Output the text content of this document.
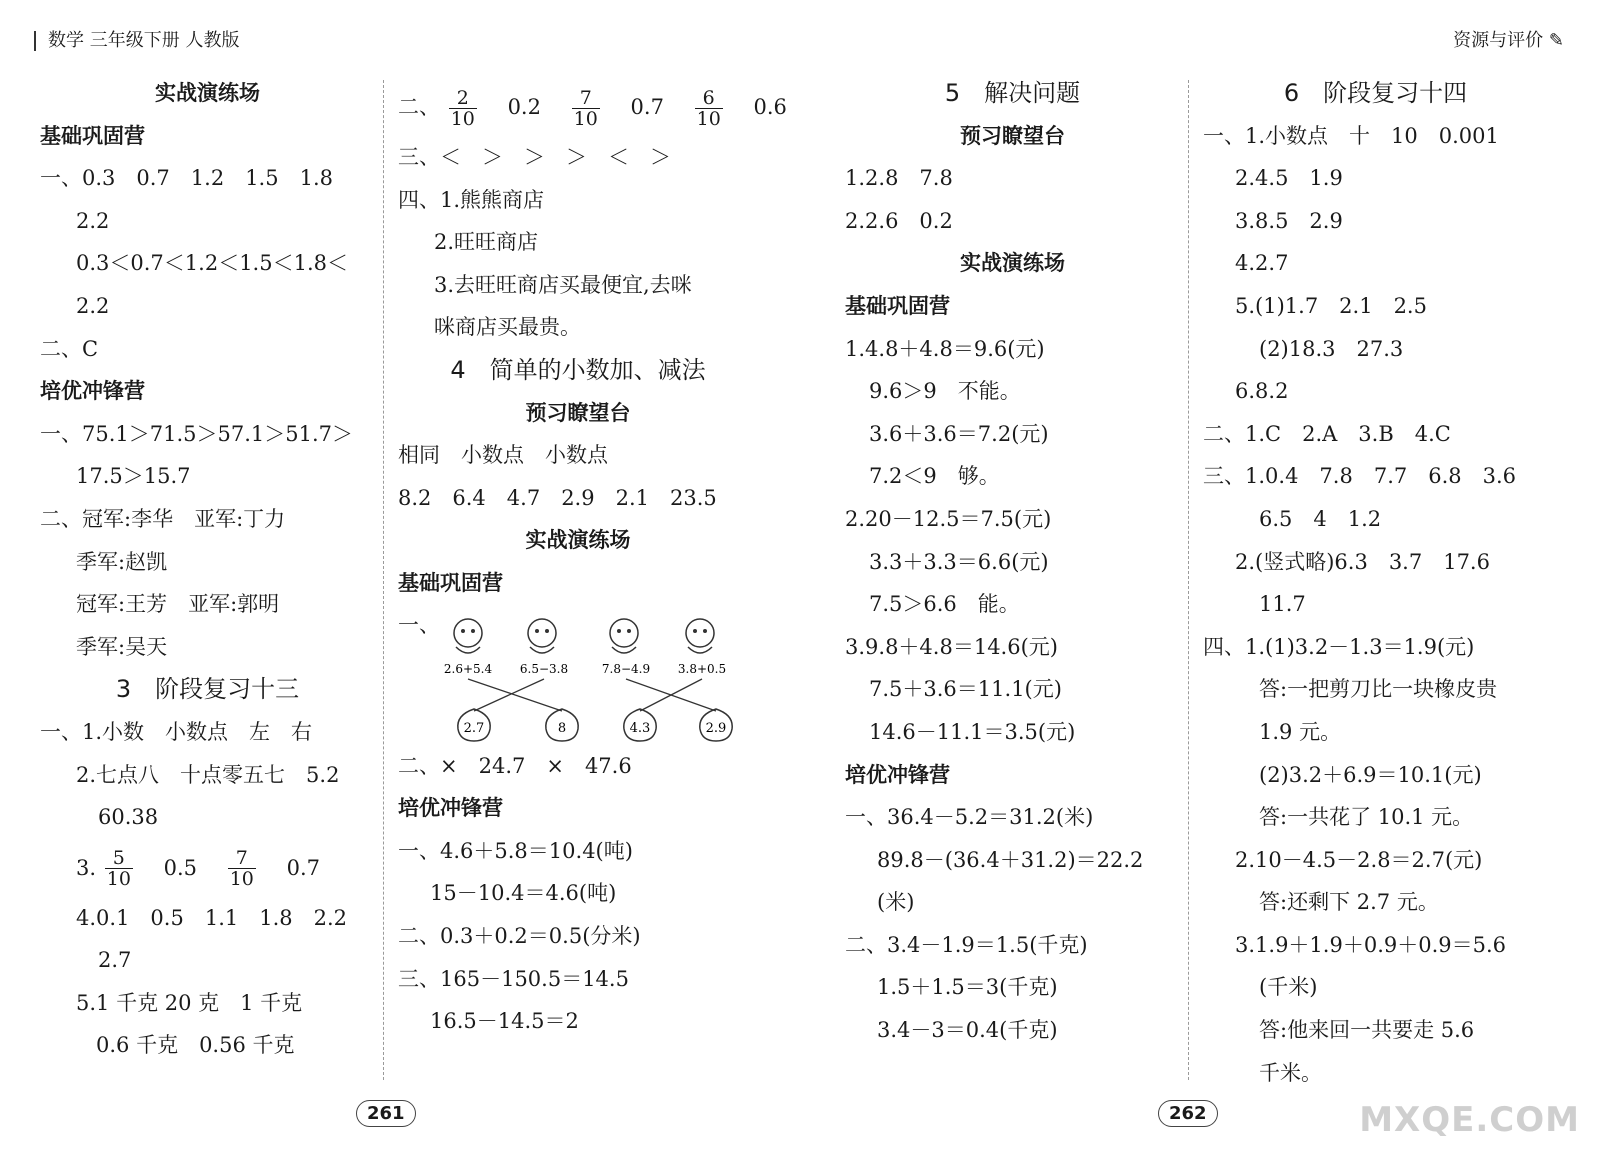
数学 三年级下册 人教版	资源与评价 ✎
实战演练场
基础巩固营
一、0.3　0.7　1.2　1.5　1.8
2.2
0.3＜0.7＜1.2＜1.5＜1.8＜
2.2
二、C
培优冲锋营
一、75.1＞71.5＞57.1＞51.7＞
17.5＞15.7
二、冠军:李华　亚军:丁力
季军:赵凯
冠军:王芳　亚军:郭明
季军:吴天
3　阶段复习十三
一、1.小数　小数点　左　右
2.七点八　十点零五七　5.2
60.38
3. $\frac{5}{10} 0.5 \frac{7}{10} 0.7$
4.0.1　0.5　1.1　1.8　2.2
2.7
5.1 千克 20 克　1 千克
0.6 千克　0.56 千克
二、 $\frac{2}{10} 0.2 \frac{7}{10} 0.7 \frac{6}{10} 0.6$
三、＜　＞　＞　＞　＜　＞
四、1.熊熊商店
2.旺旺商店
3.去旺旺商店买最便宜,去咪
咪商店买最贵。
4　简单的小数加、减法
预习瞭望台
相同　小数点　小数点
8.2　6.4　4.7　2.9　2.1　23.5
实战演练场
基础巩固营
一、
2.6+5.4 6.5−3.8	7.8−4.9 3.8+0.5
2.7	8	4.3	2.9
二、×　24.7　×　47.6
培优冲锋营
一、4.6＋5.8＝10.4(吨)
15－10.4＝4.6(吨)
二、0.3＋0.2＝0.5(分米)
三、165－150.5＝14.5
16.5－14.5＝2
5　解决问题
预习瞭望台
1.2.8　7.8
2.2.6　0.2
实战演练场
基础巩固营
1.4.8＋4.8＝9.6(元)
9.6＞9　不能。
3.6＋3.6＝7.2(元)
7.2＜9　够。
2.20－12.5＝7.5(元)
3.3＋3.3＝6.6(元)
7.5＞6.6　能。
3.9.8＋4.8＝14.6(元)
7.5＋3.6＝11.1(元)
14.6－11.1＝3.5(元)
培优冲锋营
一、36.4－5.2＝31.2(米)
89.8－(36.4＋31.2)＝22.2
(米)
二、3.4－1.9＝1.5(千克)
1.5＋1.5＝3(千克)
3.4－3＝0.4(千克)
6　阶段复习十四
一、1.小数点　十　10　0.001
2.4.5　1.9
3.8.5　2.9
4.2.7
5.(1)1.7　2.1　2.5
(2)18.3　27.3
6.8.2
二、1.C　2.A　3.B　4.C
三、1.0.4　7.8　7.7　6.8　3.6
6.5　4　1.2
2.(竖式略)6.3　3.7　17.6
11.7
四、1.(1)3.2－1.3＝1.9(元)
答:一把剪刀比一块橡皮贵
1.9 元。
(2)3.2＋6.9＝10.1(元)
答:一共花了 10.1 元。
2.10－4.5－2.8＝2.7(元)
答:还剩下 2.7 元。
3.1.9＋1.9＋0.9＋0.9＝5.6
(千米)
答:他来回一共要走 5.6
千米。
261	262	MXQE.COM
